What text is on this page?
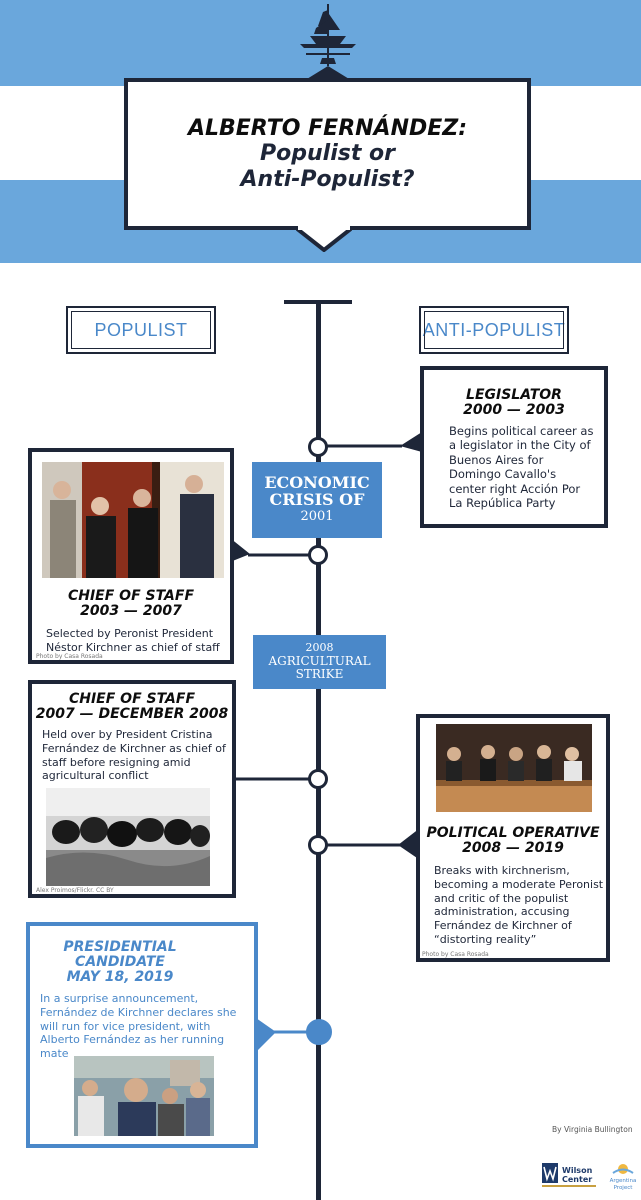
ALBERTO FERNÁNDEZ:
Populist or
Anti-Populist?
POPULIST	ANTI-POPULIST
LEGISLATOR
2000 — 2003
Begins political career as a legislator in the City of Buenos Aires for Domingo Cavallo's center right Acción Por La República Party
ECONOMIC
CRISIS OF
2001
CHIEF OF STAFF
2003 — 2007
Selected by Peronist President Néstor Kirchner as chief of staff
Photo by Casa Rosada
2008
AGRICULTURAL
STRIKE
CHIEF OF STAFF
2007 — DECEMBER 2008
Held over by President Cristina Fernández de Kirchner as chief of staff before resigning amid agricultural conflict
Alex Proimos/Flickr. CC BY
POLITICAL OPERATIVE
2008 — 2019
Breaks with kirchnerism, becoming a moderate Peronist and critic of the populist administration, accusing Fernández de Kirchner of “distorting reality”
Photo by Casa Rosada
PRESIDENTIAL
CANDIDATE
MAY 18, 2019
In a surprise announcement, Fernández de Kirchner declares she will run for vice president, with Alberto Fernández as her running mate
By Virginia Bullington
Wilson
Center	Argentina
Project
